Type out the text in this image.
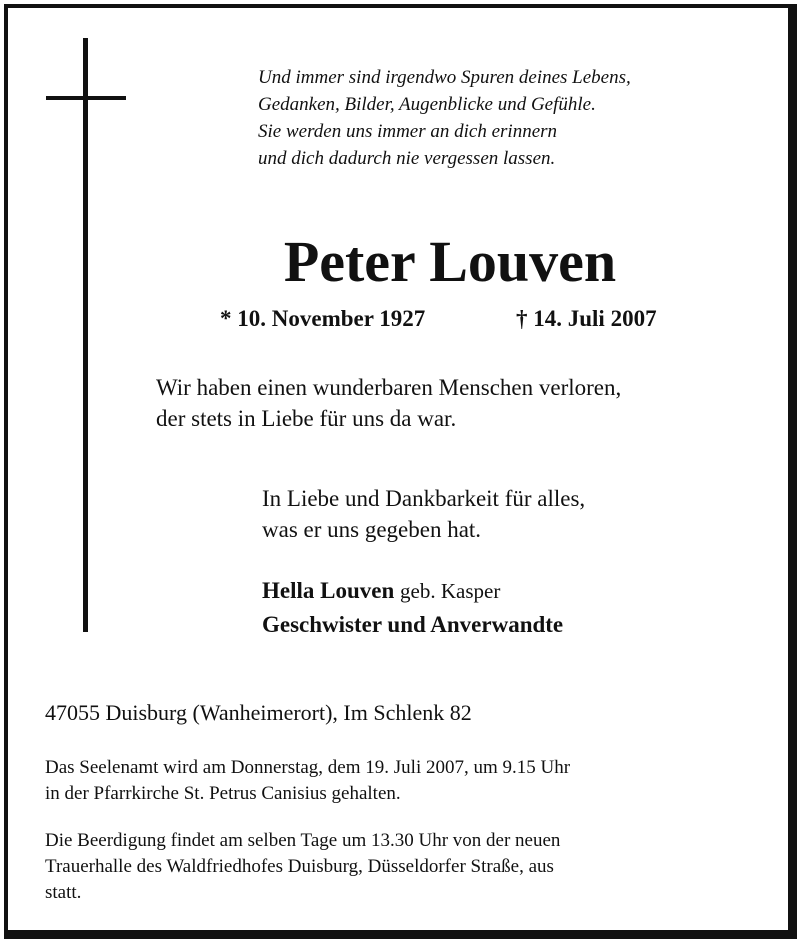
Und immer sind irgendwo Spuren deines Lebens,
Gedanken, Bilder, Augenblicke und Gefühle.
Sie werden uns immer an dich erinnern
und dich dadurch nie vergessen lassen.
Peter Louven
* 10. November 1927	† 14. Juli 2007
Wir haben einen wunderbaren Menschen verloren,
der stets in Liebe für uns da war.
In Liebe und Dankbarkeit für alles,
was er uns gegeben hat.
Hella Louven geb. Kasper
Geschwister und Anverwandte
47055 Duisburg (Wanheimerort), Im Schlenk 82
Das Seelenamt wird am Donnerstag, dem 19. Juli 2007, um 9.15 Uhr
in der Pfarrkirche St. Petrus Canisius gehalten.
Die Beerdigung findet am selben Tage um 13.30 Uhr von der neuen
Trauerhalle des Waldfriedhofes Duisburg, Düsseldorfer Straße, aus
statt.
